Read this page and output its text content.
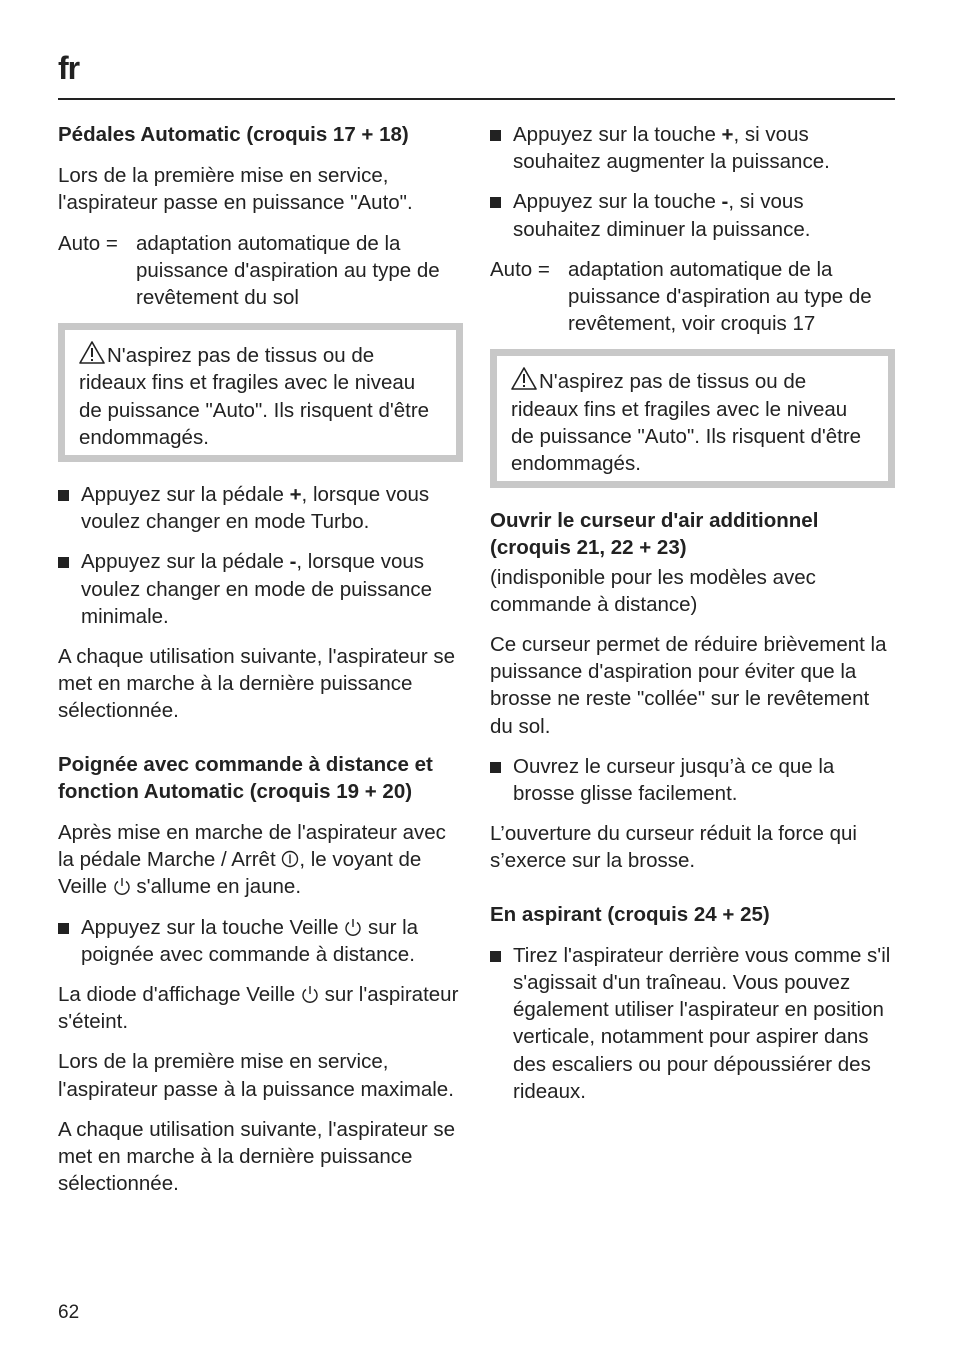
fr
Pédales Automatic (croquis 17 + 18)

Lors de la première mise en service, l'aspirateur passe en puissance "Auto".

Auto = adaptation automatique de la puissance d'aspiration au type de revêtement du sol
N'aspirez pas de tissus ou de rideaux fins et fragiles avec le niveau de puissance "Auto". Ils risquent d'être endommagés.
Appuyez sur la pédale +, lorsque vous voulez changer en mode Turbo.
Appuyez sur la pédale -, lorsque vous voulez changer en mode de puissance minimale.

A chaque utilisation suivante, l'aspirateur se met en marche à la dernière puissance sélectionnée.

Poignée avec commande à distance et fonction Automatic (croquis 19 + 20)

Après mise en marche de l'aspirateur avec la pédale Marche / Arrêt , le voyant de Veille  s'allume en jaune.

Appuyez sur la touche Veille  sur la poignée avec commande à distance.

La diode d'affichage Veille  sur l'aspirateur s'éteint.

Lors de la première mise en service, l'aspirateur passe à la puissance maximale.

A chaque utilisation suivante, l'aspirateur se met en marche à la dernière puissance sélectionnée.

Appuyez sur la touche +, si vous souhaitez augmenter la puissance.
Appuyez sur la touche -, si vous souhaitez diminuer la puissance.
Auto = adaptation automatique de la puissance d'aspiration au type de revêtement, voir croquis 17
N'aspirez pas de tissus ou de rideaux fins et fragiles avec le niveau de puissance "Auto". Ils risquent d'être endommagés.
Ouvrir le curseur d'air additionnel (croquis 21, 22 + 23)

(indisponible pour les modèles avec commande à distance)

Ce curseur permet de réduire brièvement la puissance d'aspiration pour éviter que la brosse ne reste "collée" sur le revêtement du sol.

Ouvrez le curseur jusqu’à ce que la brosse glisse facilement.

L’ouverture du curseur réduit la force qui s’exerce sur la brosse.

En aspirant (croquis 24 + 25)
Tirez l'aspirateur derrière vous comme s'il s'agissait d'un traîneau. Vous pouvez également utiliser l'aspirateur en position verticale, notamment pour aspirer dans des escaliers ou pour dépoussiérer des rideaux.
62
